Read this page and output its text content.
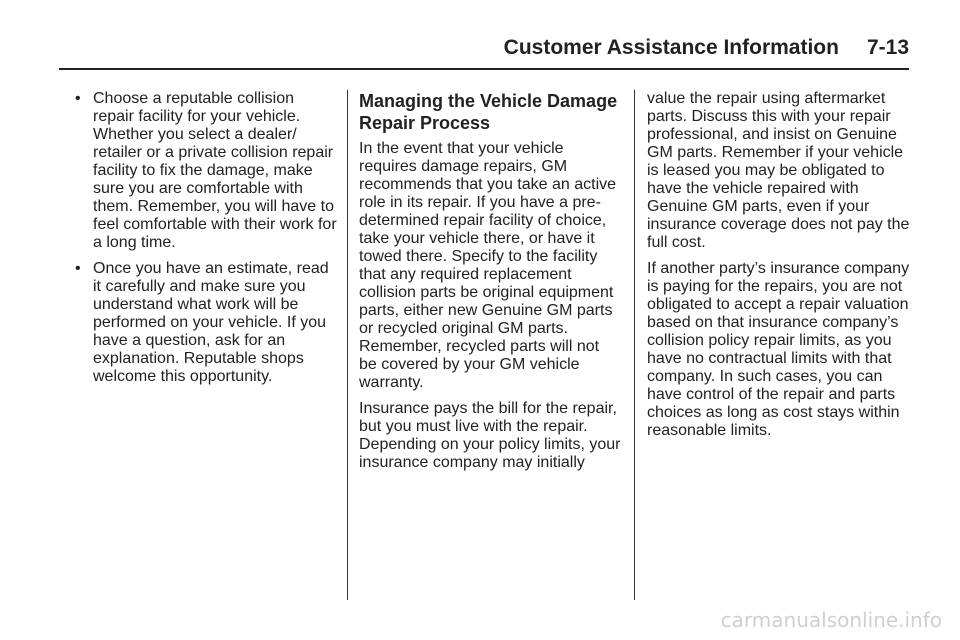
Customer Assistance Information 7-13
• Choose a reputable collision repair facility for your vehicle. Whether you select a dealer/ retailer or a private collision repair facility to fix the damage, make sure you are comfortable with them. Remember, you will have to feel comfortable with their work for a long time.
• Once you have an estimate, read it carefully and make sure you understand what work will be performed on your vehicle. If you have a question, ask for an explanation. Reputable shops welcome this opportunity.
Managing the Vehicle Damage Repair Process

In the event that your vehicle requires damage repairs, GM recommends that you take an active role in its repair. If you have a pre-determined repair facility of choice, take your vehicle there, or have it towed there. Specify to the facility that any required replacement collision parts be original equipment parts, either new Genuine GM parts or recycled original GM parts. Remember, recycled parts will not be covered by your GM vehicle warranty.

Insurance pays the bill for the repair, but you must live with the repair. Depending on your policy limits, your insurance company may initially

value the repair using aftermarket parts. Discuss this with your repair professional, and insist on Genuine GM parts. Remember if your vehicle is leased you may be obligated to have the vehicle repaired with Genuine GM parts, even if your insurance coverage does not pay the full cost.

If another party’s insurance company is paying for the repairs, you are not obligated to accept a repair valuation based on that insurance company’s collision policy repair limits, as you have no contractual limits with that company. In such cases, you can have control of the repair and parts choices as long as cost stays within reasonable limits.

carmanualsonline.info
